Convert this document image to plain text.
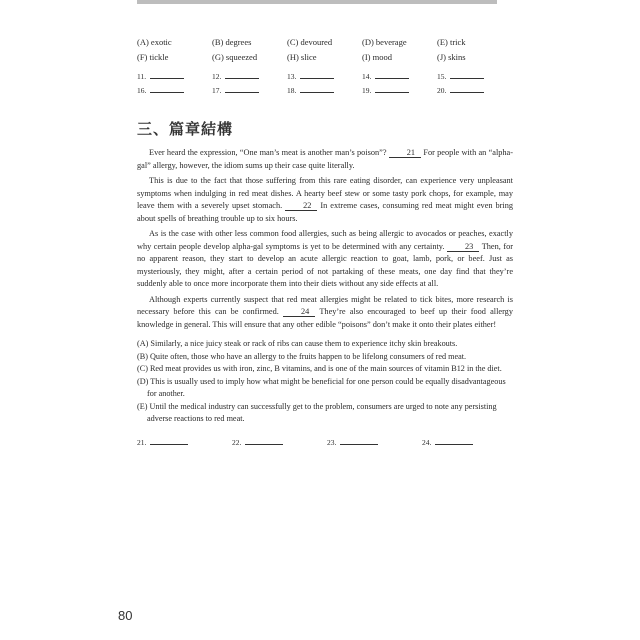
(A) exotic	(B) degrees	(C) devoured	(D) beverage	(E) trick
(F) tickle	(G) squeezed	(H) slice	(I) mood	(J) skins
11.	12.	13.	14.	15.
16.	17.	18.	19.	20.
三、篇章結構

Ever heard the expression, “One man’s meat is another man’s poison”? 21 For people with an “alpha-gal” allergy, however, the idiom sums up their case quite literally.

This is due to the fact that those suffering from this rare eating disorder, can experience very unpleasant symptoms when indulging in red meat dishes. A hearty beef stew or some tasty pork chops, for example, may leave them with a severely upset stomach.	22 In extreme cases, consuming red meat might even bring about spells of breathing trouble up to six hours.

As is the case with other less common food allergies, such as being allergic to avocados or peaches, exactly why certain people develop alpha-gal symptoms is yet to be determined with any certainty. 23 Then, for no apparent reason, they start to develop an acute allergic reaction to goat, lamb, pork, or beef. Just as mysteriously, they might, after a certain period of not partaking of these meats, one day find that they’re suddenly able to once more incorporate them into their diets without any side effects at all.

Although experts currently suspect that red meat allergies might be related to tick bites, more research is necessary before this can be confirmed.	24 They’re also encouraged to beef up their food allergy knowledge in general. This will ensure that any other edible “poisons” don’t make it onto their plates either!

(A) Similarly, a nice juicy steak or rack of ribs can cause them to experience itchy skin breakouts.
(B) Quite often, those who have an allergy to the fruits happen to be lifelong consumers of red meat.
(C) Red meat provides us with iron, zinc, B vitamins, and is one of the main sources of vitamin B12 in the diet.
(D) This is usually used to imply how what might be beneficial for one person could be equally disadvantageous for another.
(E) Until the medical industry can successfully get to the problem, consumers are urged to note any persisting adverse reactions to red meat.
21.	22.	23.	24.
80
